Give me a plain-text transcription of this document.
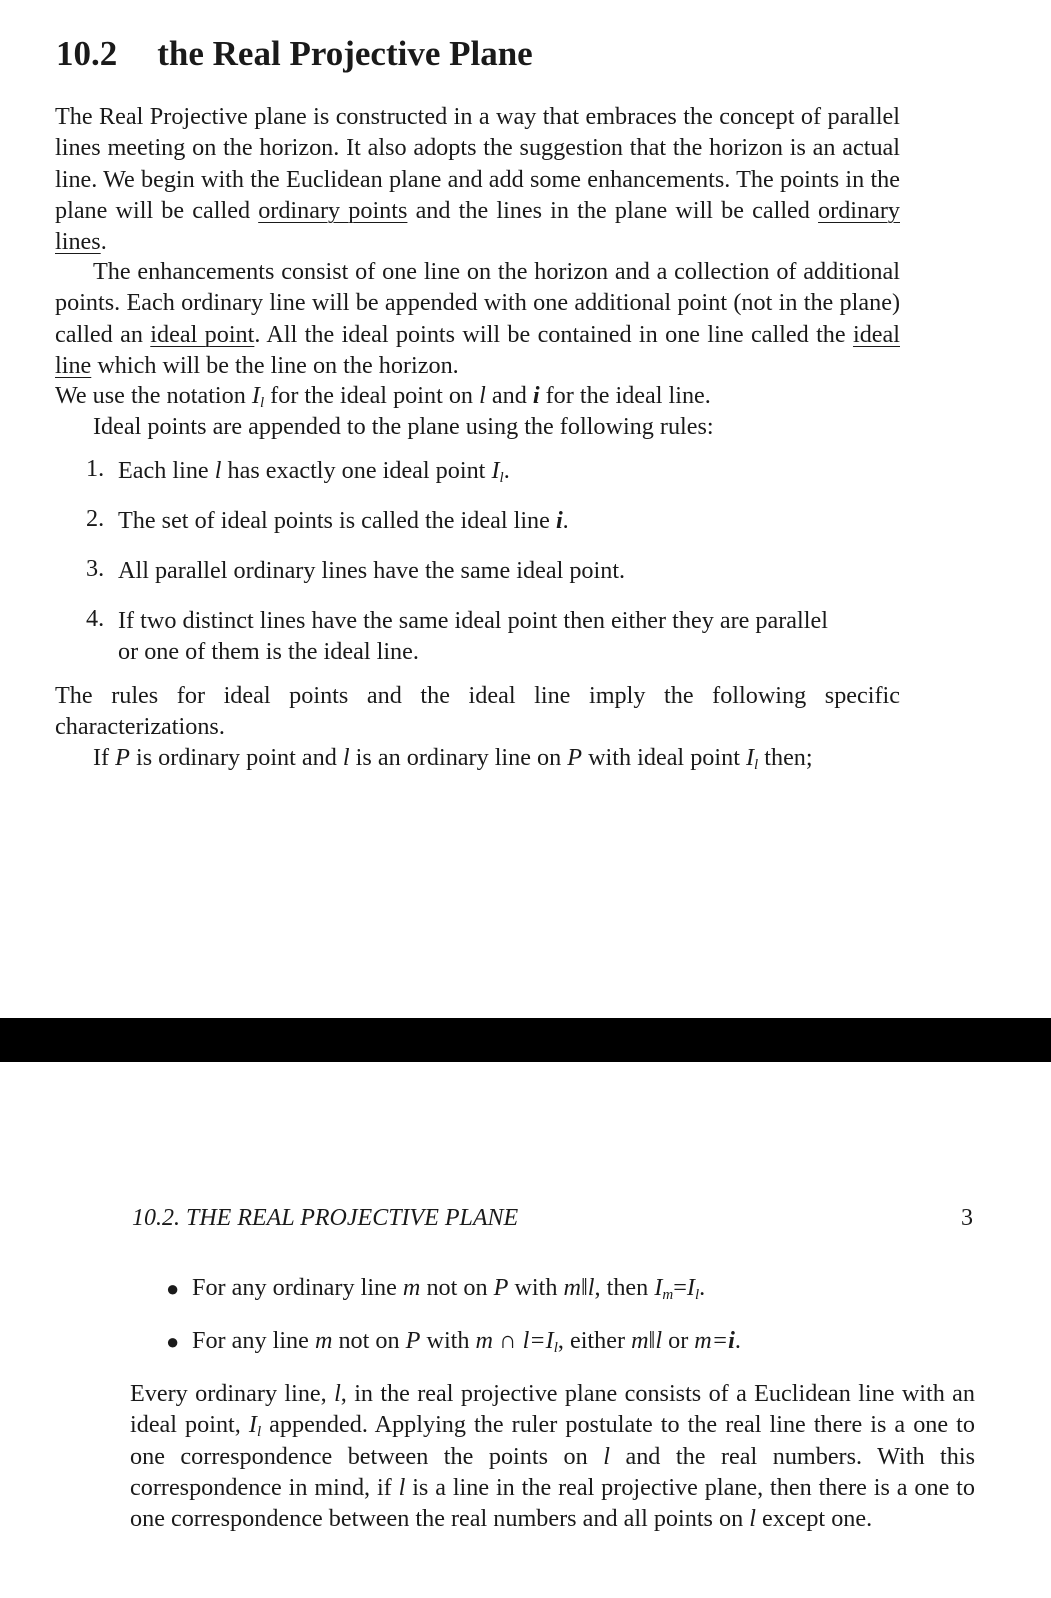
10.2 the Real Projective Plane

The Real Projective plane is constructed in a way that embraces the concept of parallel lines meeting on the horizon. It also adopts the suggestion that the horizon is an actual line. We begin with the Euclidean plane and add some enhancements. The points in the plane will be called ordinary points and the lines in the plane will be called ordinary lines.

The enhancements consist of one line on the horizon and a collection of additional points. Each ordinary line will be appended with one additional point (not in the plane) called an ideal point. All the ideal points will be contained in one line called the ideal line which will be the line on the horizon.

We use the notation $I_l$ for the ideal point on l and i for the ideal line.

Ideal points are appended to the plane using the following rules:

1. Each line l has exactly one ideal point $I_l$.
2. The set of ideal points is called the ideal line i.
3. All parallel ordinary lines have the same ideal point.
4. If two distinct lines have the same ideal point then either they are parallel
or one of them is the ideal line.

The rules for ideal points and the ideal line imply the following specific characterizations.

If P is ordinary point and l is an ordinary line on P with ideal point $I_l$ then;

10.2. THE REAL PROJECTIVE PLANE	3

● For any ordinary line m not on P with m‖l, then $I_m=I_l$.
● For any line m not on P with m ∩ $l=I_l$, either m‖l or m=i.

Every ordinary line, l, in the real projective plane consists of a Euclidean line with an ideal point, $I_l$ appended. Applying the ruler postulate to the real line there is a one to one correspondence between the points on l and the real numbers. With this correspondence in mind, if l is a line in the real projective plane, then there is a one to one correspondence between the real numbers and all points on l except one.
